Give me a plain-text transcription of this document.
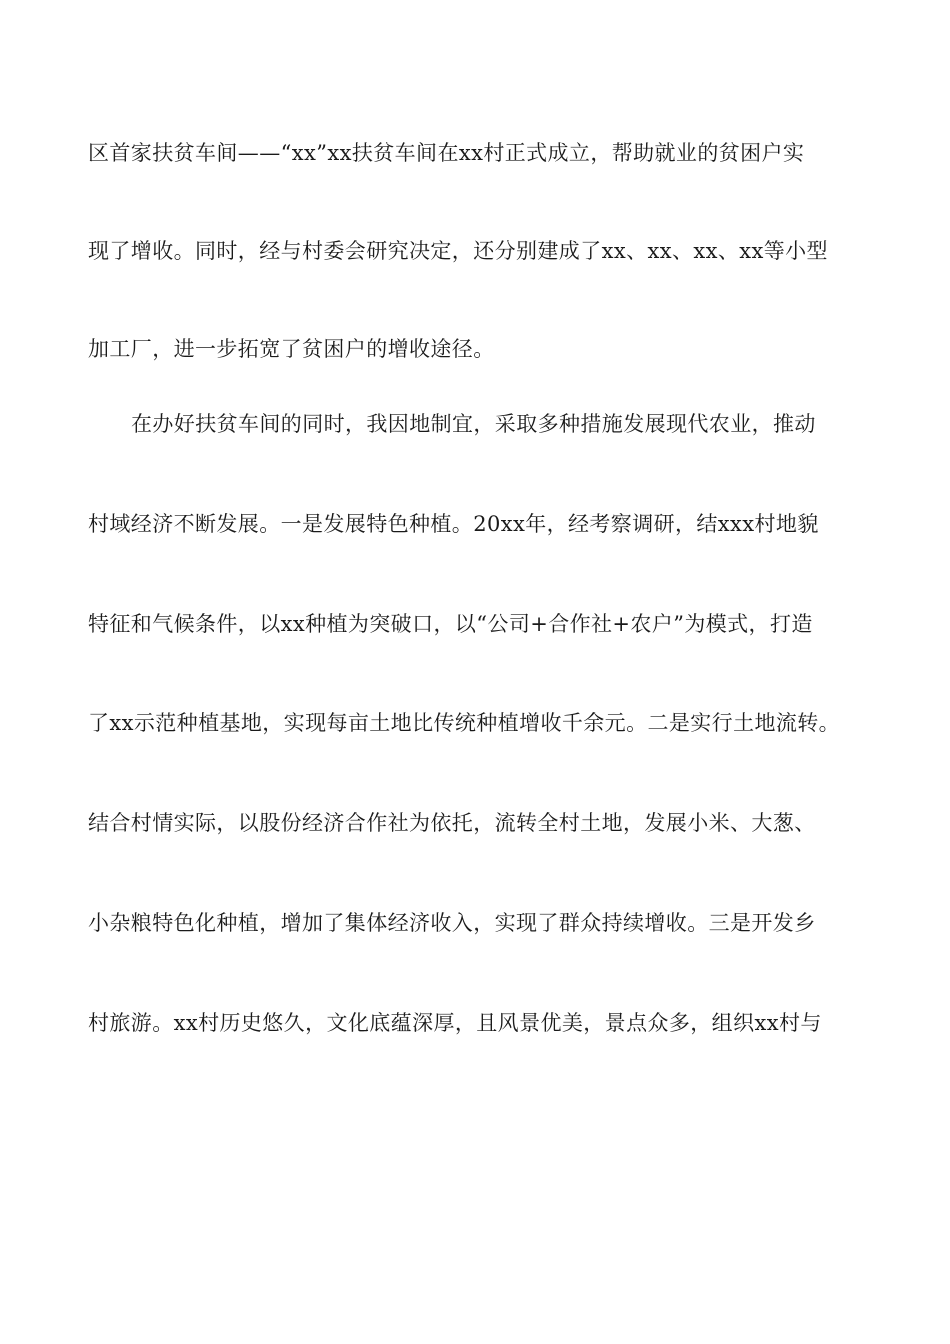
区首家扶贫车间——“xx”xx扶贫车间在xx村正式成立，帮助就业的贫困户实
现了增收。同时，经与村委会研究决定，还分别建成了xx、xx、xx、xx等小型
加工厂，进一步拓宽了贫困户的增收途径。
在办好扶贫车间的同时，我因地制宜，采取多种措施发展现代农业，推动
村域经济不断发展。一是发展特色种植。20xx年，经考察调研，结xxx村地貌
特征和气候条件，以xx种植为突破口，以“公司+合作社+农户”为模式，打造
了xx示范种植基地，实现每亩土地比传统种植增收千余元。二是实行土地流转。
结合村情实际，以股份经济合作社为依托，流转全村土地，发展小米、大葱、
小杂粮特色化种植，增加了集体经济收入，实现了群众持续增收。三是开发乡
村旅游。xx村历史悠久，文化底蕴深厚，且风景优美，景点众多，组织xx村与
